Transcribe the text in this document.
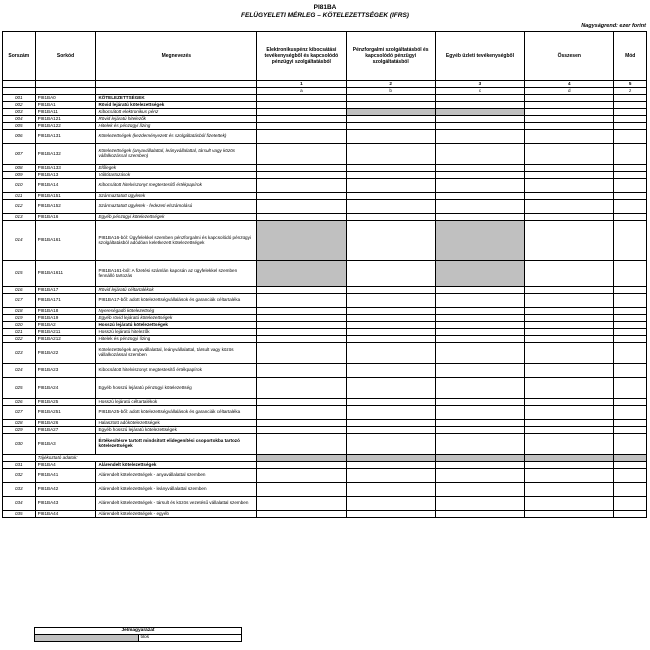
PI81BA
FELÜGYELETI MÉRLEG – KÖTELEZETTSÉGEK (IFRS)
Nagyságrend: ezer forint
Sorszám	Sorkód	Megnevezés	Elektronikuspénz kibocsátási tevékenységből és kapcsolódó pénzügyi szolgáltatásból	Pénzforgalmi szolgáltatásból és kapcsolódó pénzügyi szolgáltatásból	Egyéb üzleti tevékenységből	Összesen	Mód
			1	2	3	4	5
			a	b	c	d	z
001	PI81BA0	KÖTELEZETTSÉGEK					
002	PI81BA1	Rövid lejáratú kötelezettségek					
003	PI81BA11	Kibocsátott elektronikus pénz					
004	PI81BA121	Rövid lejáratú hitelezők					
005	PI81BA122	Hitelek és pénzügyi lízing					
006	PI81BA131	Kötelezettségek (kezdeményezett és szolgáltatásból fizetettek)					
007	PI81BA132	Kötelezettségek (anyavállalattal, leányvállalattal, társult vagy közös vállalkozással szemben)					
008	PI81BA133	Előlegek					
009	PI81BA13	Váltótartozások					
010	PI81BA14	Kibocsátott hitelviszonyt megtestesítő értékpapírok					
011	PI81BA151	Származtatott ügyletek					
012	PI81BA152	Származtatott ügyletek - fedezeti elszámolású					
013	PI81BA16	Egyéb pénzügyi kötelezettségek					
014	PI81BA161	PI81BA16-ból: Ügyfelekkel szemben pénzforgalmi és kapcsolódó pénzügyi szolgáltatásból adódóan keletkezett kötelezettségek					
015	PI81BA1611	PI81BA161-ból: A fizetési számlán kapcsán az ügyfelekkel szemben fennálló tartozás					
016	PI81BA17	Rövid lejáratú céltartalékok					
017	PI81BA171	PI81BA17-ből: adott kötelezettségvállalások és garanciák céltartaléka					
018	PI81BA18	Nyereségadó kötelezettség					
019	PI81BA19	Egyéb rövid lejáratú kötelezettségek					
020	PI81BA2	Hosszú lejáratú kötelezettségek					
021	PI81BA211	Hosszú lejáratú hitelezők					
022	PI81BA212	Hitelek és pénzügyi lízing					
023	PI81BA22	Kötelezettségek anyavállalattal, leányvállalattal, társult vagy közös vállalkozással szemben					
024	PI81BA23	Kibocsátott hitelviszonyt megtestesítő értékpapírok					
025	PI81BA24	Egyéb hosszú lejáratú pénzügyi kötelezettség					
026	PI81BA25	Hosszú lejáratú céltartalékok					
027	PI81BA251	PI81BA25-ből: adott kötelezettségvállalások és garanciák céltartaléka					
028	PI81BA26	Halasztott adókötelezettségek					
029	PI81BA27	Egyéb hosszú lejáratú kötelezettségek					
030	PI81BA3	Értékesítésre tartott mindsított elidegenítési csoportokba tartozó kötelezettségek					
	Tájékoztató adatok:						
031	PI81BA4	Alárendelt kötelezettségek					
032	PI81BA41	Alárendelt kötelezettségek - anyavállalattal szemben					
033	PI81BA42	Alárendelt kötelezettségek - leányvállalattal szemben					
034	PI81BA43	Alárendelt kötelezettségek - társult és közös vezetésű vállalattal szemben					
035	PI81BA44	Alárendelt kötelezettségek - egyéb					
Jelmagyarázat
	tilos
